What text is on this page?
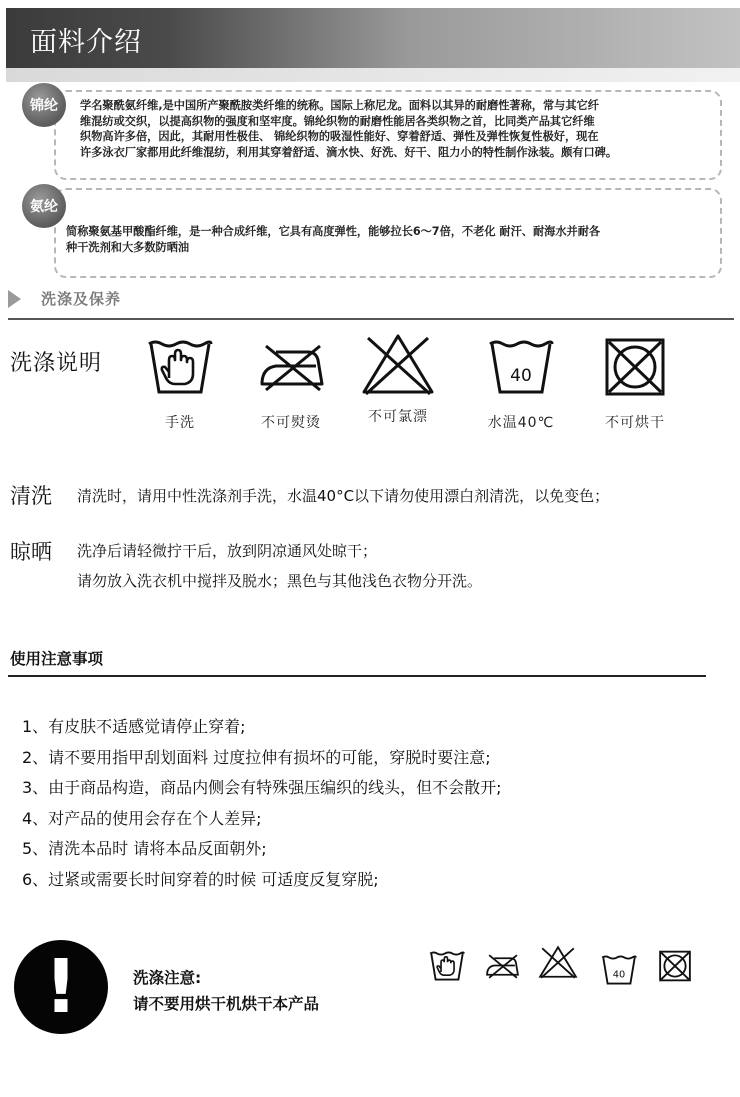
面料介绍
学名聚酰氨纤维,是中国所产聚酰胺类纤维的统称。国际上称尼龙。面料以其异的耐磨性著称，常与其它纤
维混纺或交织，以提高织物的强度和坚牢度。锦纶织物的耐磨性能居各类织物之首，比同类产品其它纤维
织物高许多倍，因此，其耐用性极佳、 锦纶织物的吸湿性能好、穿着舒适、弹性及弹性恢复性极好，现在
许多泳衣厂家都用此纤维混纺，利用其穿着舒适、滴水快、好洗、好干、阻力小的特性制作泳装。颇有口碑。
锦纶
简称聚氨基甲酸酯纤维，是一种合成纤维，它具有高度弹性，能够拉长6～7倍，不老化 耐汗、耐海水并耐各
种干洗剂和大多数防晒油
氨纶
洗涤及保养
洗涤说明
手洗	不可熨烫	不可氯漂
40
水温40℃	不可烘干
清洗 清洗时，请用中性洗涤剂手洗，水温40°C以下请勿使用漂白剂清洗，以免变色；
晾晒 洗净后请轻微拧干后，放到阴凉通风处晾干；
请勿放入洗衣机中搅拌及脱水；黑色与其他浅色衣物分开洗。
使用注意事项
1、有皮肤不适感觉请停止穿着;
2、请不要用指甲刮划面料 过度拉伸有损坏的可能，穿脱时要注意;
3、由于商品构造，商品内侧会有特殊强压编织的线头，但不会散开;
4、对产品的使用会存在个人差异;
5、清洗本品时 请将本品反面朝外;
6、过紧或需要长时间穿着的时候 可适度反复穿脱;
!	洗涤注意:
请不要用烘干机烘干本产品
40
